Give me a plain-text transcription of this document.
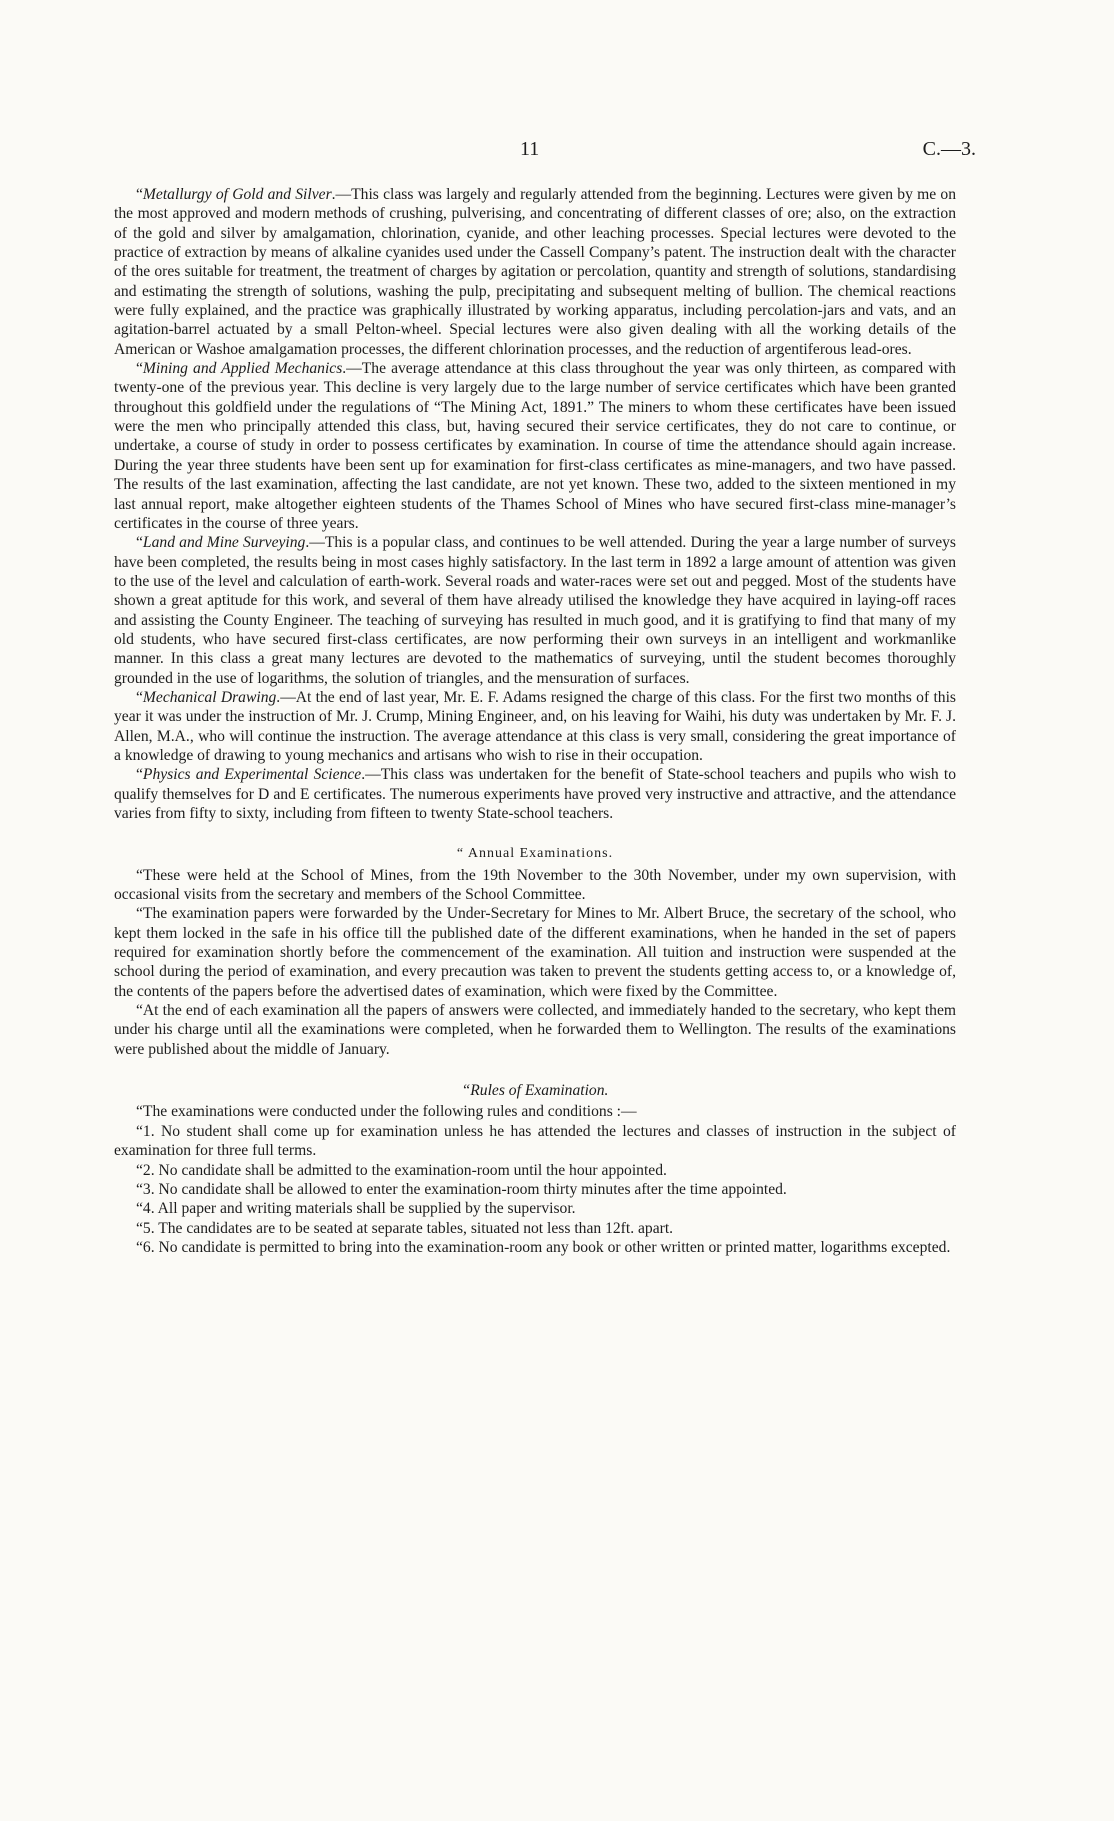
11	C.—3.

“Metallurgy of Gold and Silver.—This class was largely and regularly attended from the beginning. Lectures were given by me on the most approved and modern methods of crushing, pulverising, and concentrating of different classes of ore; also, on the extraction of the gold and silver by amalgamation, chlorination, cyanide, and other leaching processes. Special lectures were devoted to the practice of extraction by means of alkaline cyanides used under the Cassell Company’s patent. The instruction dealt with the character of the ores suitable for treatment, the treatment of charges by agitation or percolation, quantity and strength of solutions, standardising and estimating the strength of solutions, washing the pulp, precipitating and subsequent melting of bullion. The chemical reactions were fully explained, and the practice was graphically illustrated by working apparatus, including percolation-jars and vats, and an agitation-barrel actuated by a small Pelton-wheel. Special lectures were also given dealing with all the working details of the American or Washoe amalgamation processes, the different chlorination processes, and the reduction of argentiferous lead-ores.

“Mining and Applied Mechanics.—The average attendance at this class throughout the year was only thirteen, as compared with twenty-one of the previous year. This decline is very largely due to the large number of service certificates which have been granted throughout this goldfield under the regulations of “The Mining Act, 1891.” The miners to whom these certificates have been issued were the men who principally attended this class, but, having secured their service certificates, they do not care to continue, or undertake, a course of study in order to possess certificates by examination. In course of time the attendance should again increase. During the year three students have been sent up for examination for first-class certificates as mine-managers, and two have passed. The results of the last examination, affecting the last candidate, are not yet known. These two, added to the sixteen mentioned in my last annual report, make altogether eighteen students of the Thames School of Mines who have secured first-class mine-manager’s certificates in the course of three years.

“Land and Mine Surveying.—This is a popular class, and continues to be well attended. During the year a large number of surveys have been completed, the results being in most cases highly satisfactory. In the last term in 1892 a large amount of attention was given to the use of the level and calculation of earth-work. Several roads and water-races were set out and pegged. Most of the students have shown a great aptitude for this work, and several of them have already utilised the knowledge they have acquired in laying-off races and assisting the County Engineer. The teaching of surveying has resulted in much good, and it is gratifying to find that many of my old students, who have secured first-class certificates, are now performing their own surveys in an intelligent and workmanlike manner. In this class a great many lectures are devoted to the mathematics of surveying, until the student becomes thoroughly grounded in the use of logarithms, the solution of triangles, and the mensuration of surfaces.

“Mechanical Drawing.—At the end of last year, Mr. E. F. Adams resigned the charge of this class. For the first two months of this year it was under the instruction of Mr. J. Crump, Mining Engineer, and, on his leaving for Waihi, his duty was undertaken by Mr. F. J. Allen, M.A., who will continue the instruction. The average attendance at this class is very small, considering the great importance of a knowledge of drawing to young mechanics and artisans who wish to rise in their occupation.

“Physics and Experimental Science.—This class was undertaken for the benefit of State-school teachers and pupils who wish to qualify themselves for D and E certificates. The numerous experiments have proved very instructive and attractive, and the attendance varies from fifty to sixty, including from fifteen to twenty State-school teachers.

“ Annual Examinations.

“These were held at the School of Mines, from the 19th November to the 30th November, under my own supervision, with occasional visits from the secretary and members of the School Committee.

“The examination papers were forwarded by the Under-Secretary for Mines to Mr. Albert Bruce, the secretary of the school, who kept them locked in the safe in his office till the published date of the different examinations, when he handed in the set of papers required for examination shortly before the commencement of the examination. All tuition and instruction were suspended at the school during the period of examination, and every precaution was taken to prevent the students getting access to, or a knowledge of, the contents of the papers before the advertised dates of examination, which were fixed by the Committee.

“At the end of each examination all the papers of answers were collected, and immediately handed to the secretary, who kept them under his charge until all the examinations were completed, when he forwarded them to Wellington. The results of the examinations were published about the middle of January.

“Rules of Examination.

“The examinations were conducted under the following rules and conditions :—

“1. No student shall come up for examination unless he has attended the lectures and classes of instruction in the subject of examination for three full terms.

“2. No candidate shall be admitted to the examination-room until the hour appointed.

“3. No candidate shall be allowed to enter the examination-room thirty minutes after the time appointed.

“4. All paper and writing materials shall be supplied by the supervisor.

“5. The candidates are to be seated at separate tables, situated not less than 12ft. apart.

“6. No candidate is permitted to bring into the examination-room any book or other written or printed matter, logarithms excepted.
